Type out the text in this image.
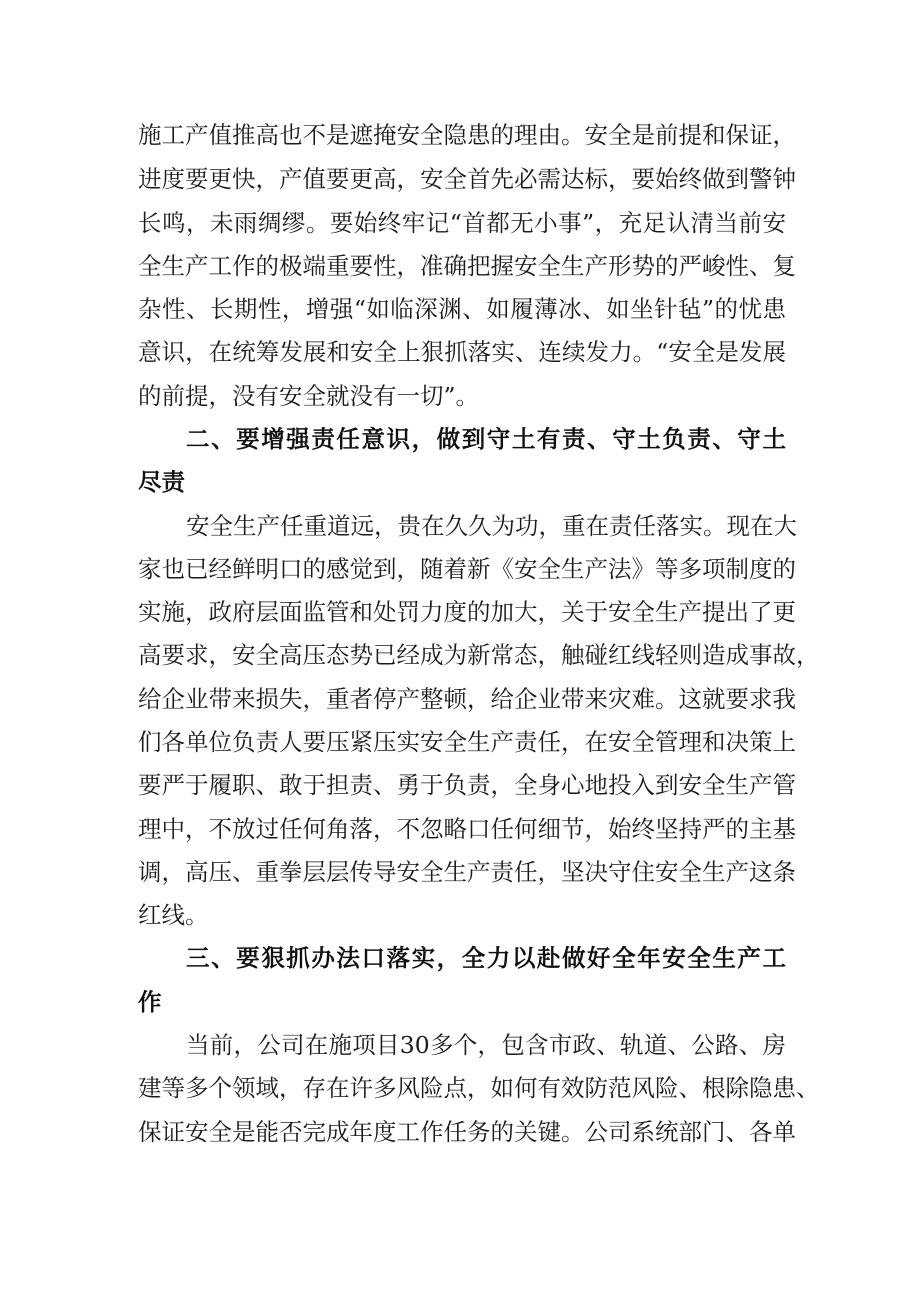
施工产值推高也不是遮掩安全隐患的理由。安全是前提和保证，

进度要更快，产值要更高，安全首先必需达标，要始终做到警钟

长鸣，未雨绸缪。要始终牢记“首都无小事”，充足认清当前安

全生产工作的极端重要性，准确把握安全生产形势的严峻性、复

杂性、长期性，增强“如临深渊、如履薄冰、如坐针毡”的忧患

意识，在统筹发展和安全上狠抓落实、连续发力。“安全是发展

的前提，没有安全就没有一切”。

二、要增强责任意识，做到守土有责、守土负责、守土

尽责

安全生产任重道远，贵在久久为功，重在责任落实。现在大

家也已经鲜明口的感觉到，随着新《安全生产法》等多项制度的

实施，政府层面监管和处罚力度的加大，关于安全生产提出了更

高要求，安全高压态势已经成为新常态，触碰红线轻则造成事故，

给企业带来损失，重者停产整顿，给企业带来灾难。这就要求我

们各单位负责人要压紧压实安全生产责任，在安全管理和决策上

要严于履职、敢于担责、勇于负责，全身心地投入到安全生产管

理中，不放过任何角落，不忽略口任何细节，始终坚持严的主基

调，高压、重拳层层传导安全生产责任，坚决守住安全生产这条

红线。

三、要狠抓办法口落实，全力以赴做好全年安全生产工

作

当前，公司在施项目30多个，包含市政、轨道、公路、房

建等多个领域，存在许多风险点，如何有效防范风险、根除隐患、

保证安全是能否完成年度工作任务的关键。公司系统部门、各单
